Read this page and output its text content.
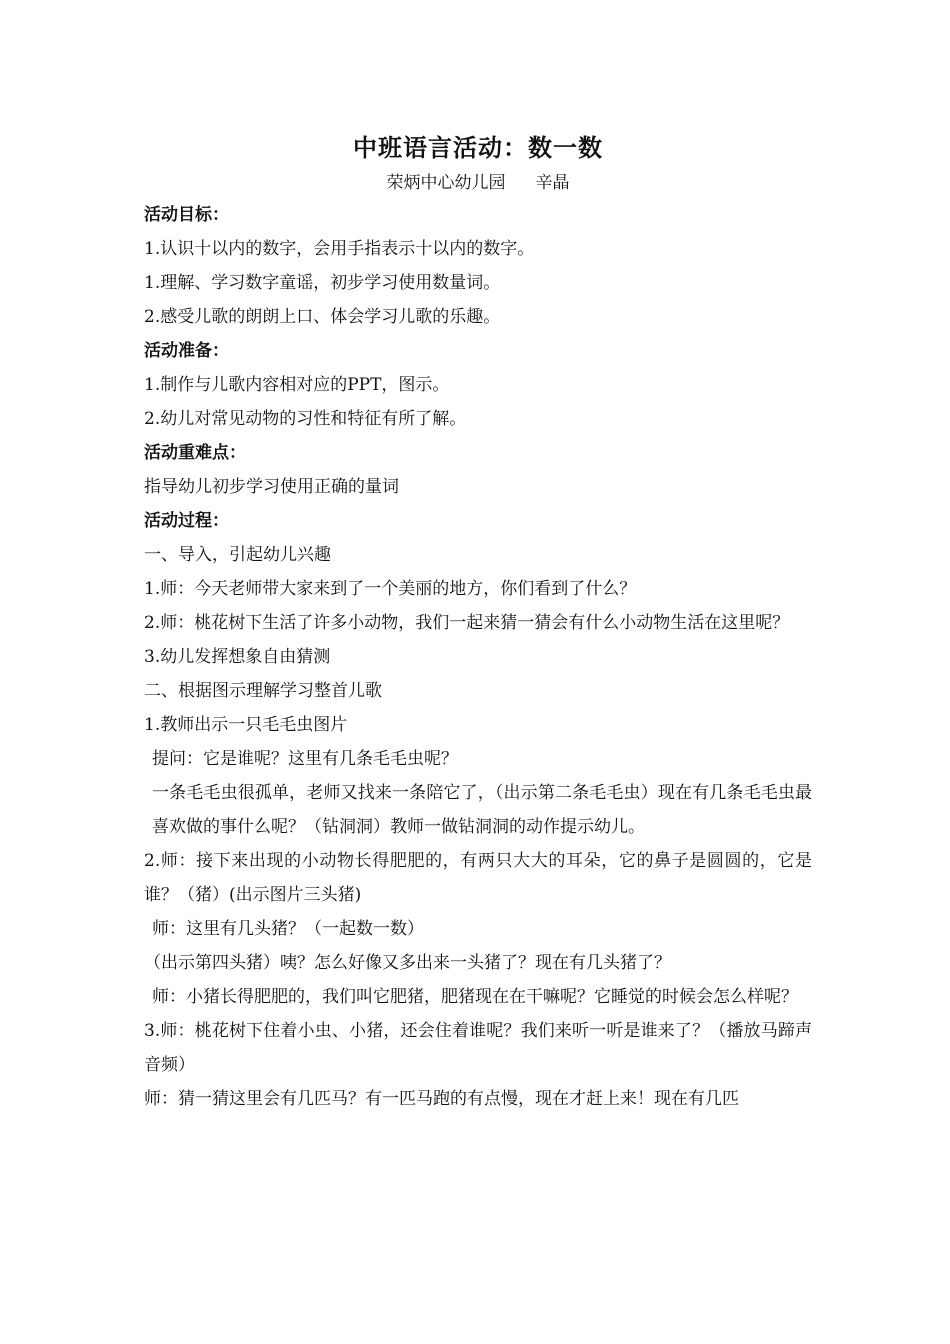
中班语言活动：数一数

荣炳中心幼儿园 辛晶

活动目标：

1.认识十以内的数字，会用手指表示十以内的数字。

1.理解、学习数字童谣，初步学习使用数量词。

2.感受儿歌的朗朗上口、体会学习儿歌的乐趣。

活动准备：

1.制作与儿歌内容相对应的PPT，图示。

2.幼儿对常见动物的习性和特征有所了解。

活动重难点：

指导幼儿初步学习使用正确的量词

活动过程：

一、导入，引起幼儿兴趣

1.师：今天老师带大家来到了一个美丽的地方，你们看到了什么？

2.师：桃花树下生活了许多小动物，我们一起来猜一猜会有什么小动物生活在这里呢？

3.幼儿发挥想象自由猜测

二、根据图示理解学习整首儿歌

1.教师出示一只毛毛虫图片

提问：它是谁呢？这里有几条毛毛虫呢？

一条毛毛虫很孤单，老师又找来一条陪它了，（出示第二条毛毛虫）现在有几条毛毛虫最喜欢做的事什么呢？（钻洞洞）教师一做钻洞洞的动作提示幼儿。

2.师：接下来出现的小动物长得肥肥的，有两只大大的耳朵，它的鼻子是圆圆的，它是谁？（猪）(出示图片三头猪)

师：这里有几头猪？（一起数一数）

（出示第四头猪）咦？怎么好像又多出来一头猪了？现在有几头猪了？

师：小猪长得肥肥的，我们叫它肥猪，肥猪现在在干嘛呢？它睡觉的时候会怎么样呢？

3.师：桃花树下住着小虫、小猪，还会住着谁呢？我们来听一听是谁来了？（播放马蹄声音频）

师：猜一猜这里会有几匹马？有一匹马跑的有点慢，现在才赶上来！现在有几匹
